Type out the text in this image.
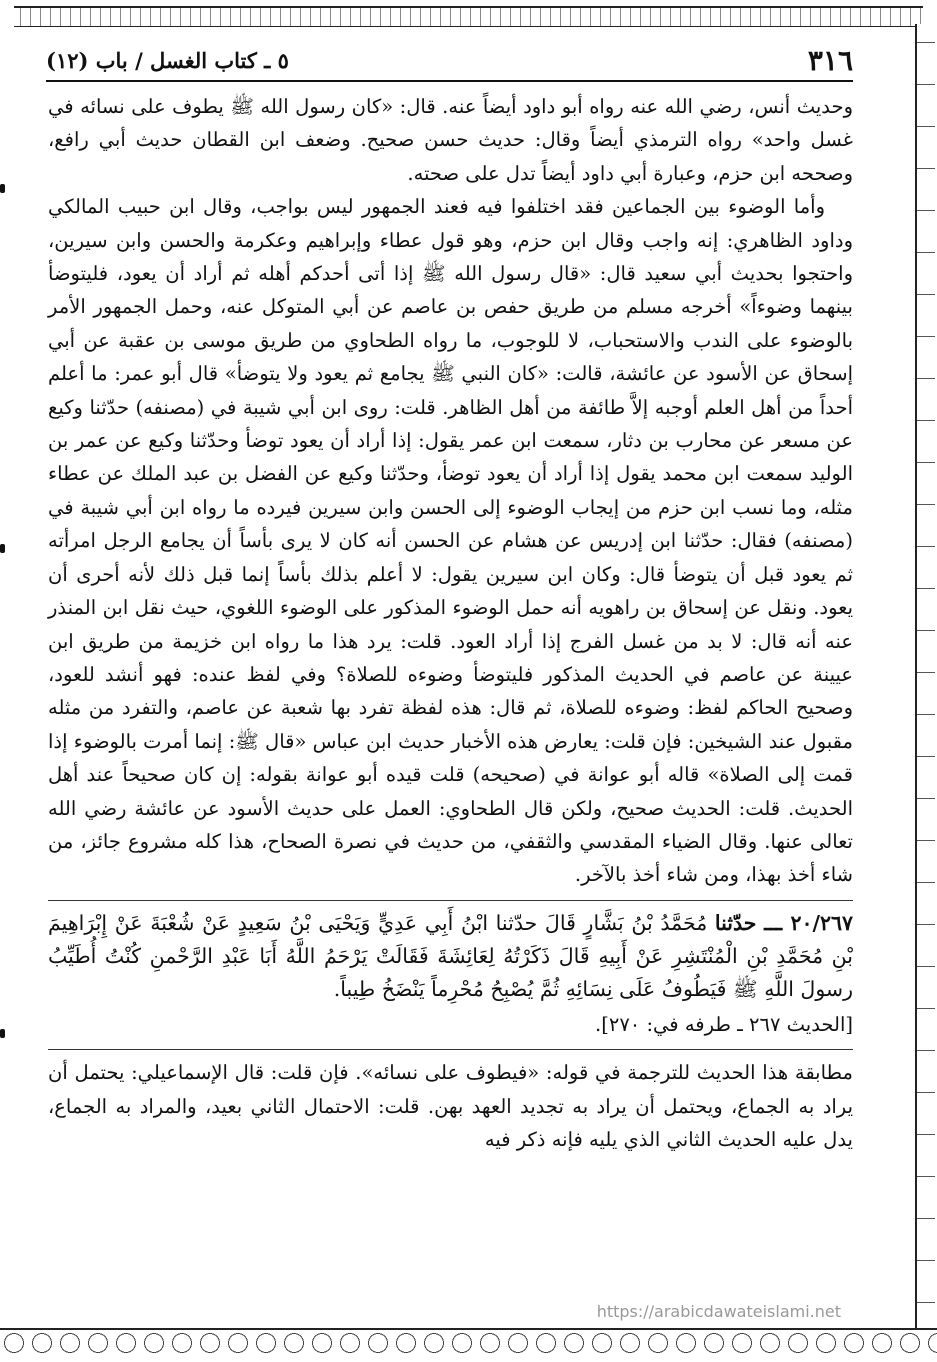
٣١٦
٥ ـ كتاب الغسل / باب (١٢)

وحديث أنس، رضي الله عنه رواه أبو داود أيضاً عنه. قال: «كان رسول الله ﷺ يطوف على نسائه في غسل واحد» رواه الترمذي أيضاً وقال: حديث حسن صحيح. وضعف ابن القطان حديث أبي رافع، وصححه ابن حزم، وعبارة أبي داود أيضاً تدل على صحته.

وأما الوضوء بين الجماعين فقد اختلفوا فيه فعند الجمهور ليس بواجب، وقال ابن حبيب المالكي وداود الظاهري: إنه واجب وقال ابن حزم، وهو قول عطاء وإبراهيم وعكرمة والحسن وابن سيرين، واحتجوا بحديث أبي سعيد قال: «قال رسول الله ﷺ إذا أتى أحدكم أهله ثم أراد أن يعود، فليتوضأ بينهما وضوءاً» أخرجه مسلم من طريق حفص بن عاصم عن أبي المتوكل عنه، وحمل الجمهور الأمر بالوضوء على الندب والاستحباب، لا للوجوب، ما رواه الطحاوي من طريق موسى بن عقبة عن أبي إسحاق عن الأسود عن عائشة، قالت: «كان النبي ﷺ يجامع ثم يعود ولا يتوضأ» قال أبو عمر: ما أعلم أحداً من أهل العلم أوجبه إلاَّ طائفة من أهل الظاهر. قلت: روى ابن أبي شيبة في (مصنفه) حدّثنا وكيع عن مسعر عن محارب بن دثار، سمعت ابن عمر يقول: إذا أراد أن يعود توضأ وحدّثنا وكيع عن عمر بن الوليد سمعت ابن محمد يقول إذا أراد أن يعود توضأ، وحدّثنا وكيع عن الفضل بن عبد الملك عن عطاء مثله، وما نسب ابن حزم من إيجاب الوضوء إلى الحسن وابن سيرين فيرده ما رواه ابن أبي شيبة في (مصنفه) فقال: حدّثنا ابن إدريس عن هشام عن الحسن أنه كان لا يرى بأساً أن يجامع الرجل امرأته ثم يعود قبل أن يتوضأ قال: وكان ابن سيرين يقول: لا أعلم بذلك بأساً إنما قبل ذلك لأنه أحرى أن يعود. ونقل عن إسحاق بن راهويه أنه حمل الوضوء المذكور على الوضوء اللغوي، حيث نقل ابن المنذر عنه أنه قال: لا بد من غسل الفرج إذا أراد العود. قلت: يرد هذا ما رواه ابن خزيمة من طريق ابن عيينة عن عاصم في الحديث المذكور فليتوضأ وضوءه للصلاة؟ وفي لفظ عنده: فهو أنشد للعود، وصحيح الحاكم لفظ: وضوءه للصلاة، ثم قال: هذه لفظة تفرد بها شعبة عن عاصم، والتفرد من مثله مقبول عند الشيخين: فإن قلت: يعارض هذه الأخبار حديث ابن عباس «قال ﷺ: إنما أمرت بالوضوء إذا قمت إلى الصلاة» قاله أبو عوانة في (صحيحه) قلت قيده أبو عوانة بقوله: إن كان صحيحاً عند أهل الحديث. قلت: الحديث صحيح، ولكن قال الطحاوي: العمل على حديث الأسود عن عائشة رضي الله تعالى عنها. وقال الضياء المقدسي والثقفي، من حديث في نصرة الصحاح، هذا كله مشروع جائز، من شاء أخذ بهذا، ومن شاء أخذ بالآخر.

٢٠/٢٦٧ ـــ حدّثنا مُحَمَّدُ بْنُ بَشَّارٍ قَالَ حدّثنا ابْنُ أَبِي عَدِيٍّ وَيَحْيَى بْنُ سَعِيدٍ عَنْ شُعْبَةَ عَنْ إِبْرَاهِيمَ بْنِ مُحَمَّدِ بْنِ الْمُنْتَشِرِ عَنْ أَبِيهِ قَالَ ذَكَرْتُهُ لِعَائِشَةَ فَقَالَتْ يَرْحَمُ اللَّهُ أَبَا عَبْدِ الرَّحْمنِ كُنْتُ أُطَيِّبُ رسولَ اللَّهِ ﷺ فَيَطُوفُ عَلَى نِسَائِهِ ثُمَّ يُصْبِحُ مُحْرِماً يَنْضَخُ طِيباً.

[الحديث ٢٦٧ ـ طرفه في: ٢٧٠].

مطابقة هذا الحديث للترجمة في قوله: «فيطوف على نسائه». فإن قلت: قال الإسماعيلي: يحتمل أن يراد به الجماع، ويحتمل أن يراد به تجديد العهد بهن. قلت: الاحتمال الثاني بعيد، والمراد به الجماع، يدل عليه الحديث الثاني الذي يليه فإنه ذكر فيه

https://arabicdawateislami.net
